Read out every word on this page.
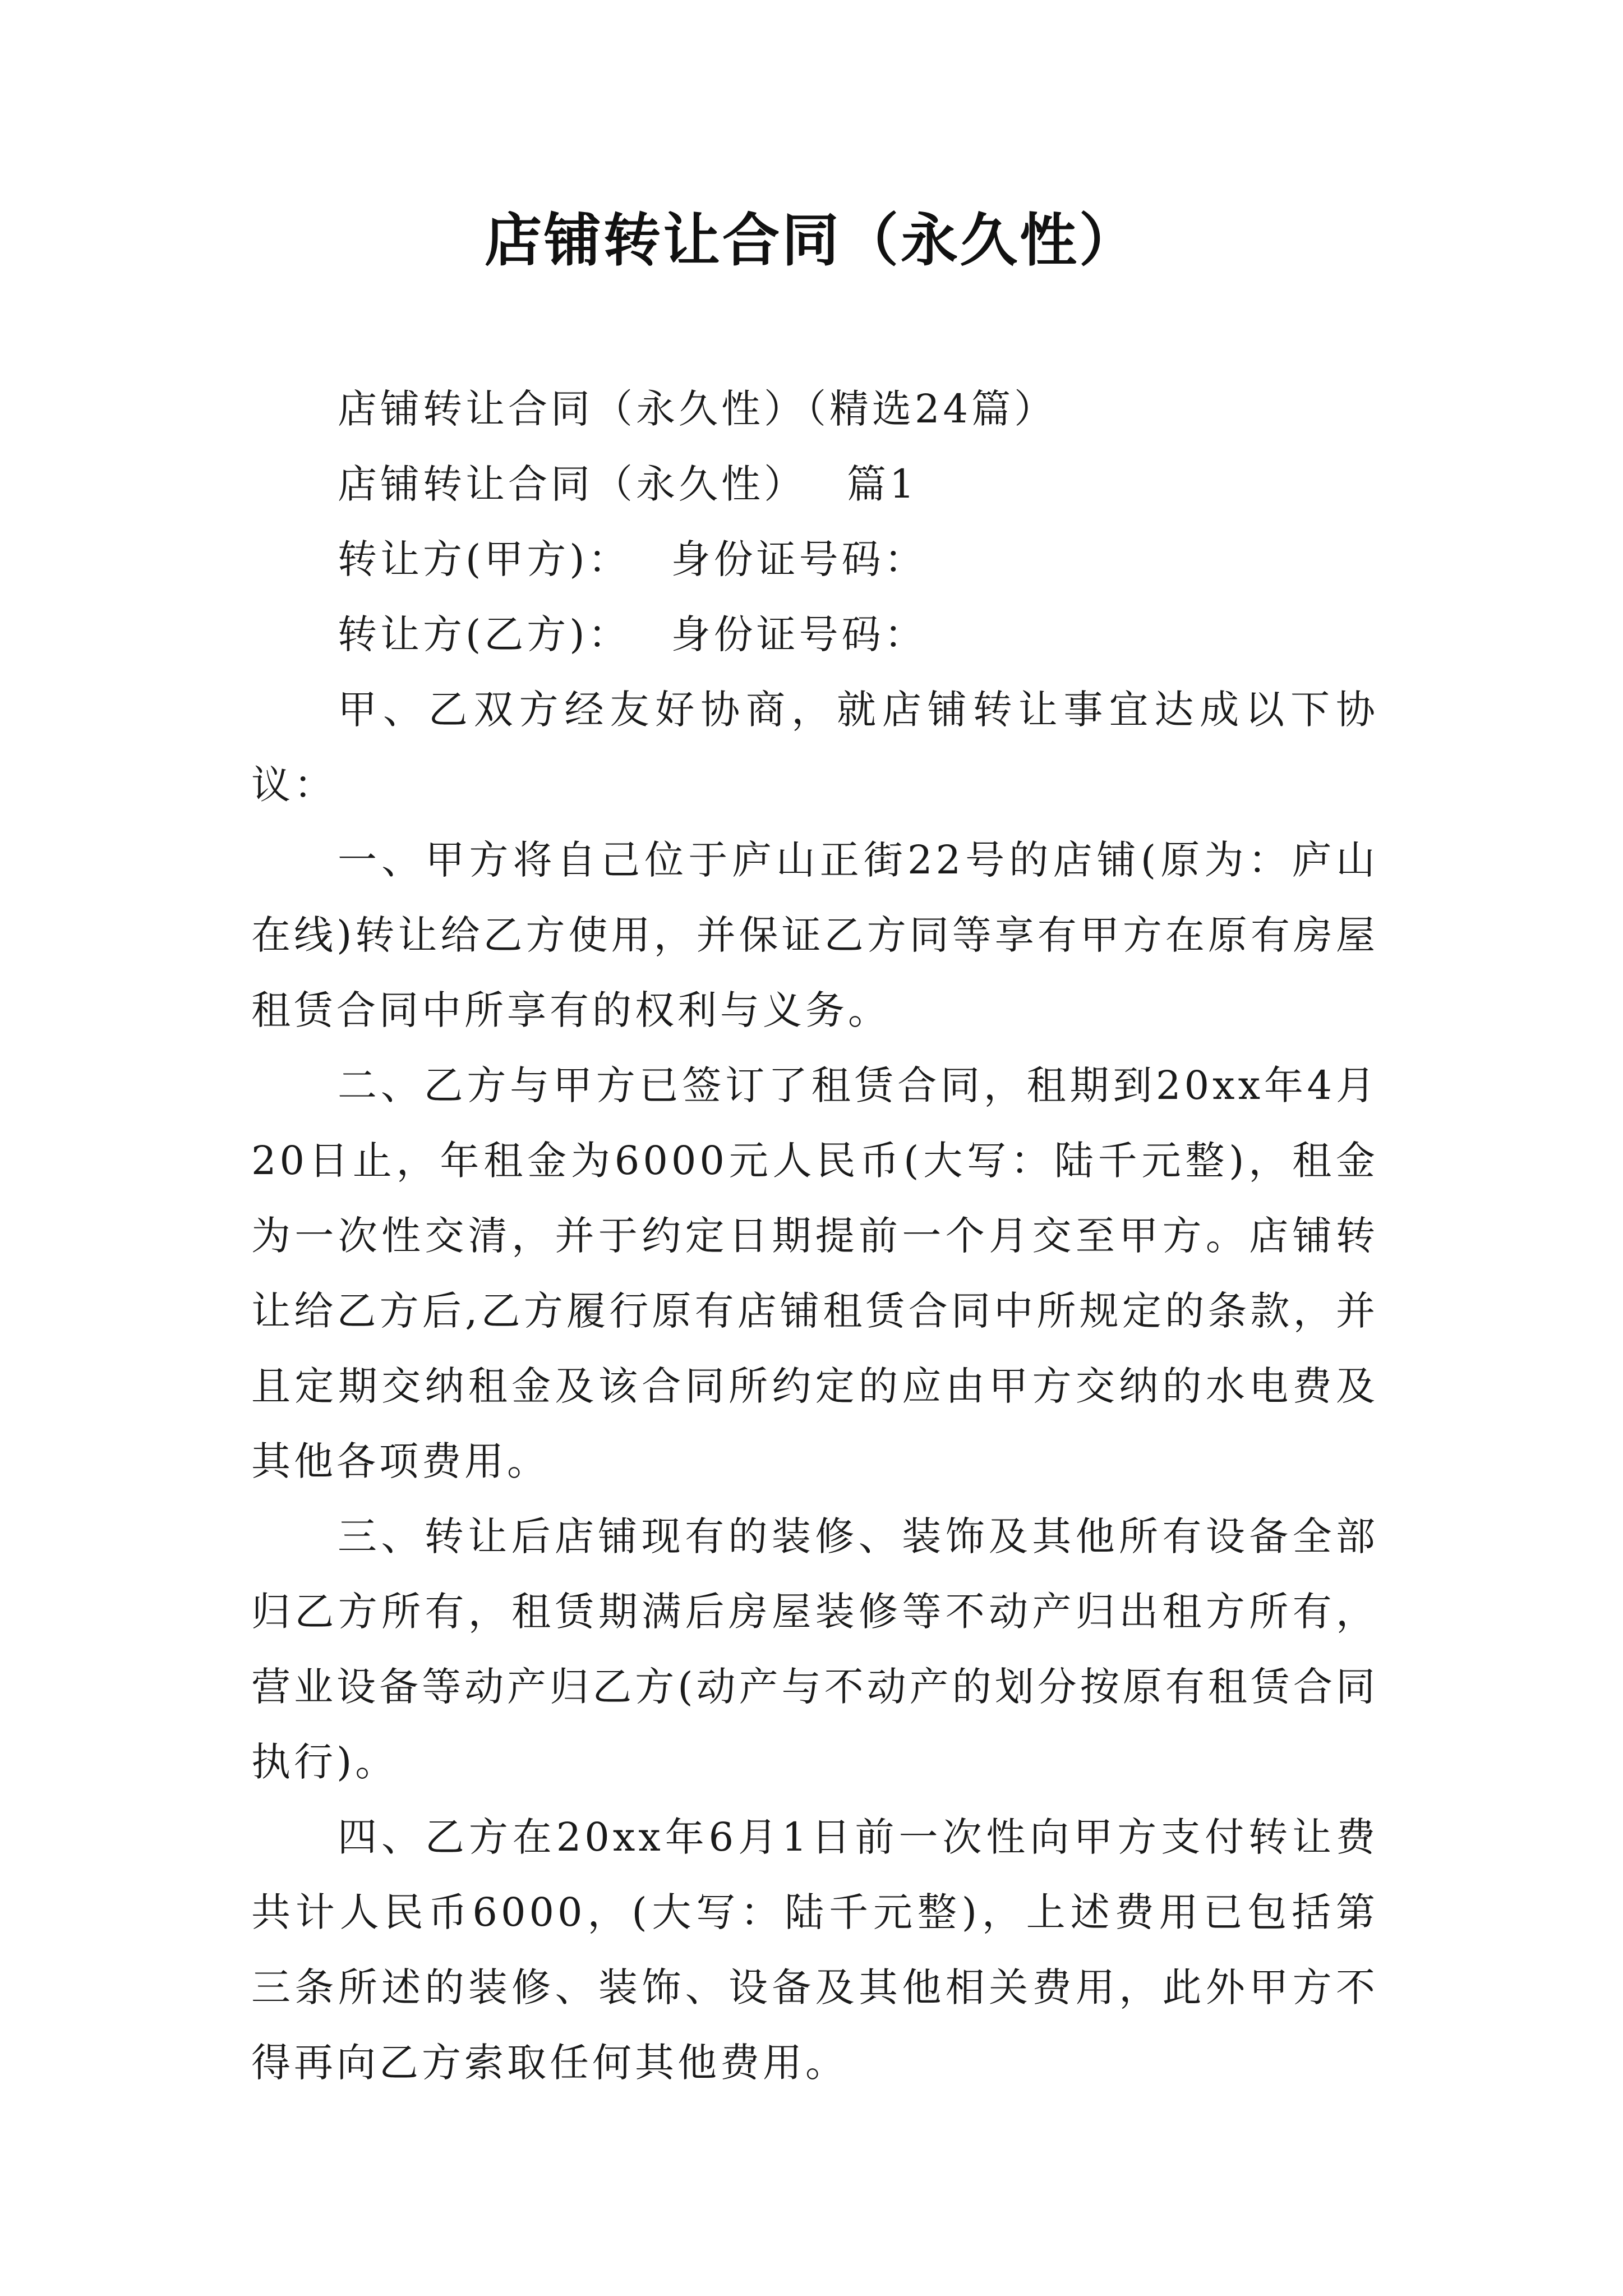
店铺转让合同（永久性）

店铺转让合同（永久性）（精选24篇）

店铺转让合同（永久性） 篇1

转让方(甲方)： 身份证号码：

转让方(乙方)： 身份证号码：

甲、乙双方经友好协商，就店铺转让事宜达成以下协议：

一、甲方将自己位于庐山正街22号的店铺(原为：庐山在线)转让给乙方使用，并保证乙方同等享有甲方在原有房屋租赁合同中所享有的权利与义务。

二、乙方与甲方已签订了租赁合同，租期到20xx年4月20日止，年租金为6000元人民币(大写：陆千元整)，租金为一次性交清，并于约定日期提前一个月交至甲方。店铺转让给乙方后,乙方履行原有店铺租赁合同中所规定的条款，并且定期交纳租金及该合同所约定的应由甲方交纳的水电费及其他各项费用。

三、转让后店铺现有的装修、装饰及其他所有设备全部归乙方所有，租赁期满后房屋装修等不动产归出租方所有，营业设备等动产归乙方(动产与不动产的划分按原有租赁合同执行)。

四、乙方在20xx年6月1日前一次性向甲方支付转让费共计人民币6000，(大写：陆千元整)，上述费用已包括第三条所述的装修、装饰、设备及其他相关费用，此外甲方不得再向乙方索取任何其他费用。
